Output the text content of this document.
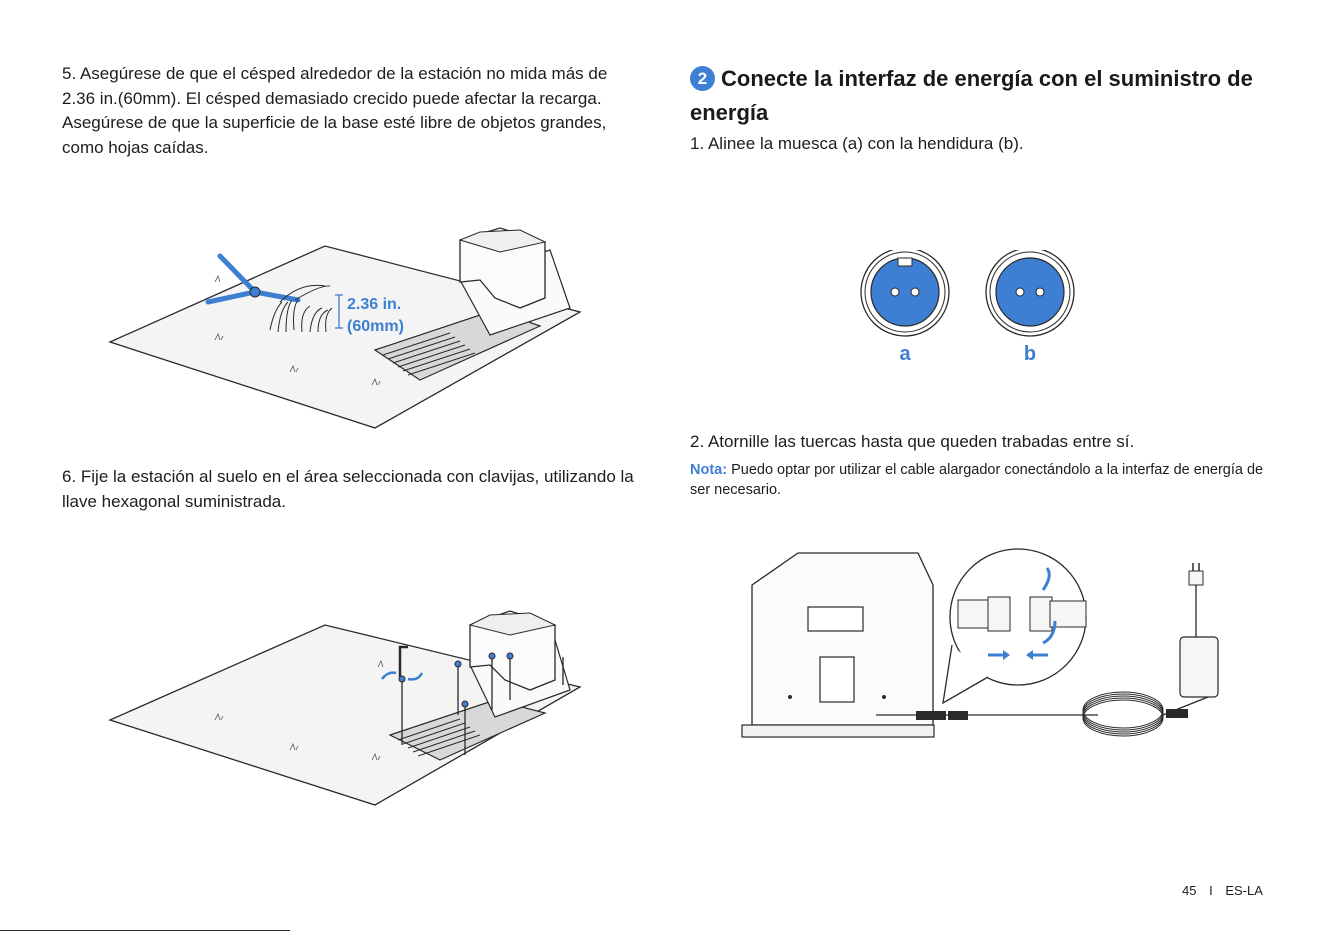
5. Asegúrese de que el césped alrededor de la estación no mida más de 2.36 in.(60mm). El césped demasiado crecido puede afectar la recarga. Asegúrese de que la superficie de la base esté libre de objetos grandes, como hojas caídas.

2.36 in.
(60mm)

6. Fije la estación al suelo en el área seleccionada con clavijas, utilizando la llave hexagonal suministrada.

2 Conecte la interfaz de energía con el suministro de energía

1. Alinee la muesca (a) con la hendidura (b).

a	b

2. Atornille las tuercas hasta que queden trabadas entre sí.

Nota: Puedo optar por utilizar el cable alargador conectándolo a la interfaz de energía de ser necesario.

45 I ES-LA
